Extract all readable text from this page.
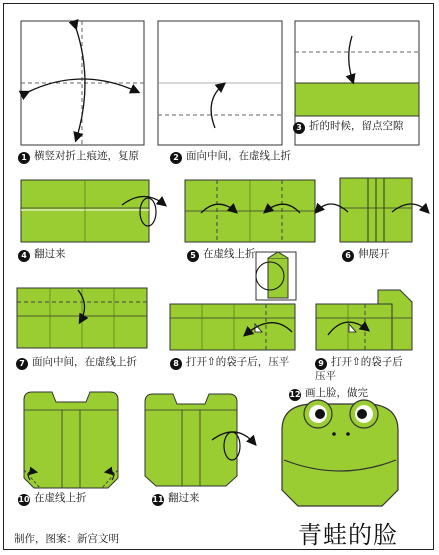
1 横竖对折上痕迹，复原	2 面向中间，在虚线上折
3 折的时候，留点空隙
4 翻过来	5 在虚线上折	6 伸展开
7 面向中间，在虚线上折	8 打开⇧的袋子后，压平	9 打开⇧的袋子后压平
10 在虚线上折	11 翻过来
12 画上脸，做完
制作，图案：新宫文明	青蛙的脸
